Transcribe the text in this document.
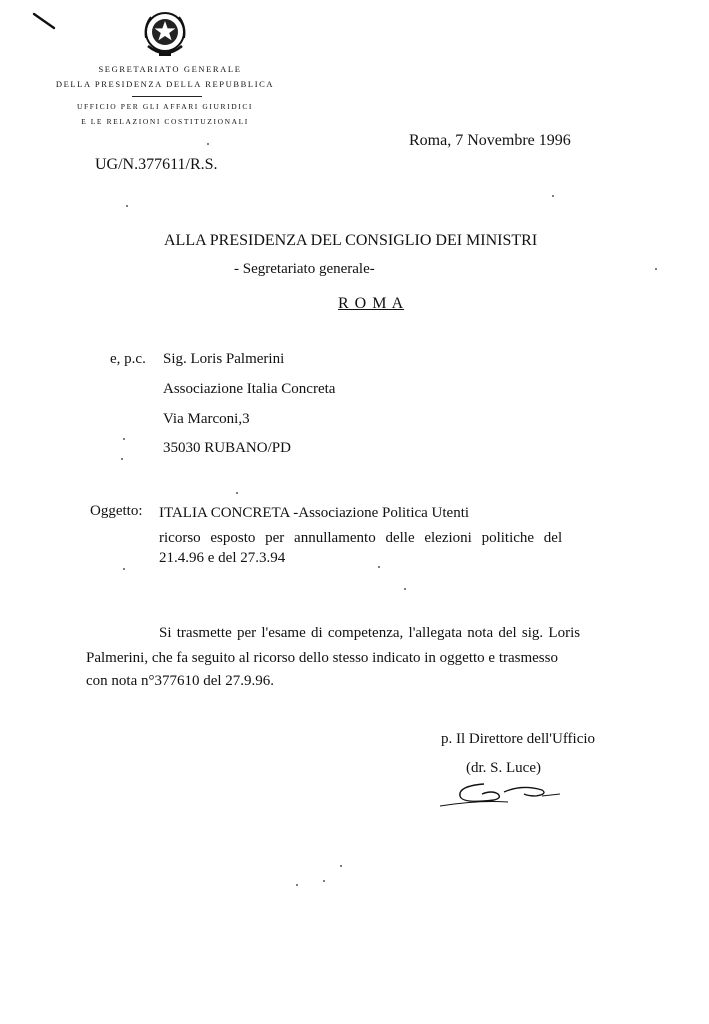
SEGRETARIATO GENERALE
DELLA PRESIDENZA DELLA REPUBBLICA
UFFICIO PER GLI AFFARI GIURIDICI
E LE RELAZIONI COSTITUZIONALI
Roma, 7 Novembre 1996
UG/N.377611/R.S.
ALLA PRESIDENZA DEL CONSIGLIO DEI MINISTRI
- Segretariato generale-
R O M A
e, p.c. Sig. Loris Palmerini
Associazione Italia Concreta
Via Marconi,3
35030 RUBANO/PD
Oggetto: ITALIA CONCRETA -Associazione Politica Utenti
ricorso esposto per annullamento delle elezioni politiche del
21.4.96 e del 27.3.94
Si trasmette per l'esame di competenza, l'allegata nota del sig. Loris
Palmerini, che fa seguito al ricorso dello stesso indicato in oggetto e trasmesso
con nota n°377610 del 27.9.96.
p. Il Direttore dell'Ufficio
(dr. S. Luce)
